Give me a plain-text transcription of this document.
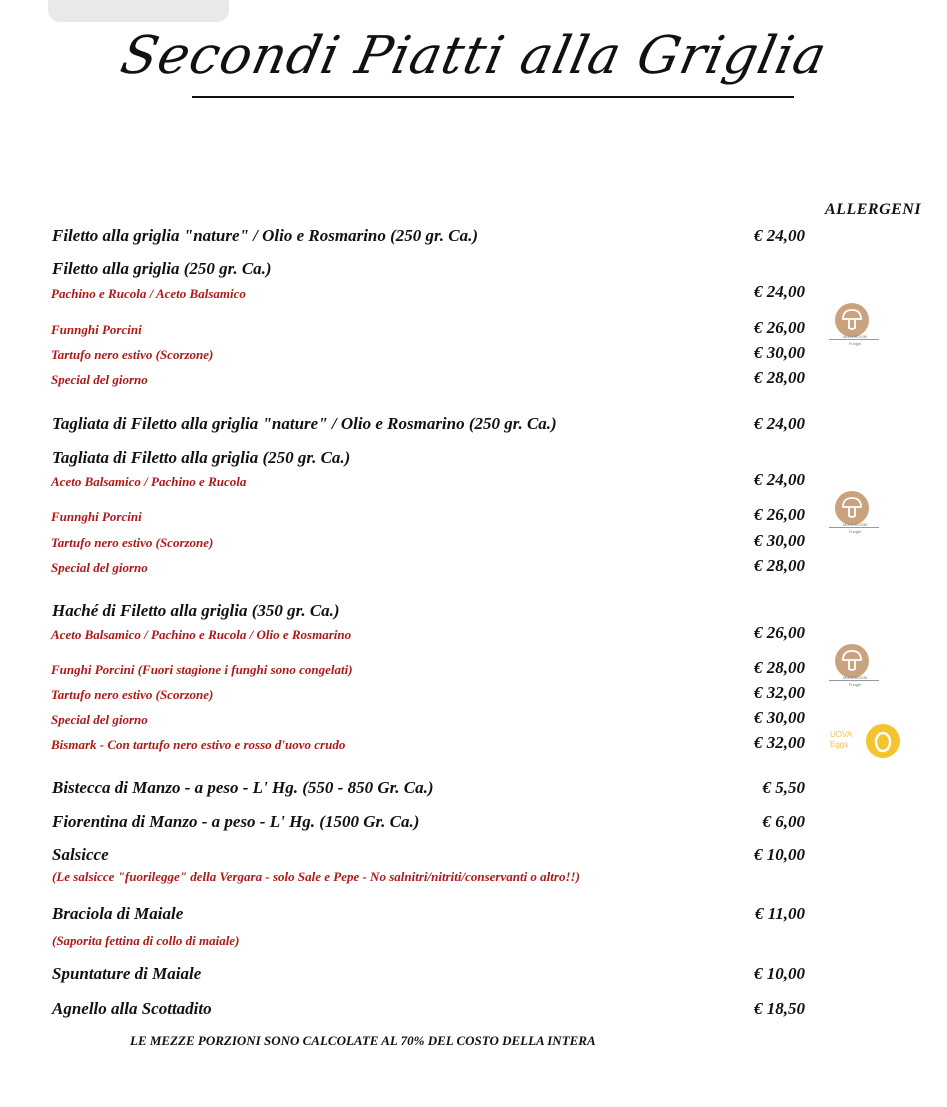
Secondi Piatti alla Griglia
ALLERGENI
Filetto alla griglia "nature" / Olio e Rosmarino (250 gr. Ca.)	€ 24,00
Filetto alla griglia (250 gr. Ca.)
Pachino e Rucola / Aceto Balsamico	€ 24,00
Funnghi Porcini	€ 26,00
Tartufo nero estivo (Scorzone)	€ 30,00
Special del giorno	€ 28,00
MUSHROOM
Funghi
Tagliata di Filetto alla griglia "nature" / Olio e Rosmarino (250 gr. Ca.)	€ 24,00
Tagliata di Filetto alla griglia (250 gr. Ca.)
Aceto Balsamico / Pachino e Rucola	€ 24,00
Funnghi Porcini	€ 26,00
Tartufo nero estivo (Scorzone)	€ 30,00
Special del giorno	€ 28,00
MUSHROOM
Funghi
Haché di Filetto alla griglia (350 gr. Ca.)
Aceto Balsamico / Pachino e Rucola / Olio e Rosmarino	€ 26,00
Funghi Porcini (Fuori stagione i funghi sono congelati)	€ 28,00
Tartufo nero estivo (Scorzone)	€ 32,00
Special del giorno	€ 30,00
Bismark - Con tartufo nero estivo e rosso d'uovo crudo	€ 32,00
MUSHROOM
Funghi
UOVA
Eggs
Bistecca di Manzo - a peso - L' Hg. (550 - 850 Gr. Ca.)	€ 5,50
Fiorentina di Manzo - a peso - L' Hg. (1500 Gr. Ca.)	€ 6,00
Salsicce	€ 10,00
(Le salsicce "fuorilegge" della Vergara - solo Sale e Pepe - No salnitri/nitriti/conservanti o altro!!)
Braciola di Maiale	€ 11,00
(Saporita fettina di collo di maiale)
Spuntature di Maiale	€ 10,00
Agnello alla Scottadito	€ 18,50
LE MEZZE PORZIONI SONO CALCOLATE AL 70% DEL COSTO DELLA INTERA
